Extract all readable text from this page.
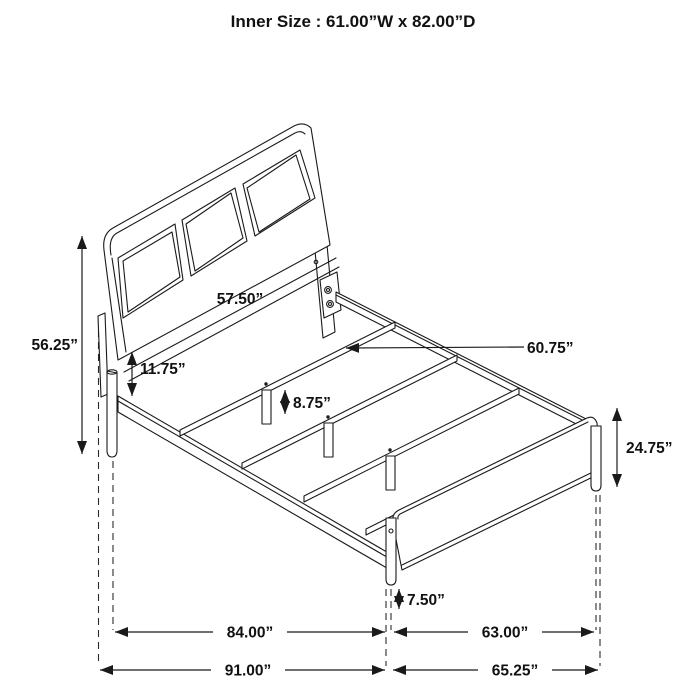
Inner Size : 61.00”W x 82.00”D
56.25”
57.50”
11.75”
60.75”
8.75”
24.75”
7.50”
84.00”	63.00”
91.00”	65.25”
